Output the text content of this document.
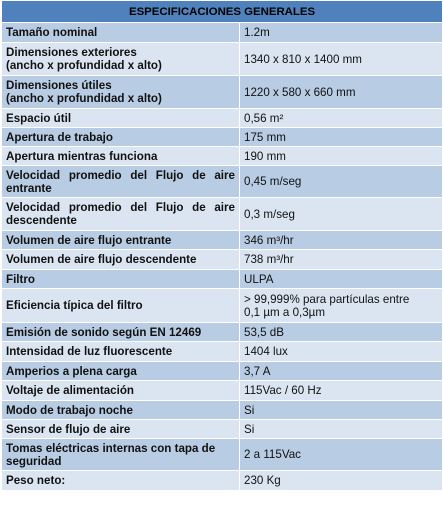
ESPECIFICACIONES GENERALES	

Tamaño nominal	1.2m

Dimensiones exteriores
(ancho x profundidad x alto)	1340 x 810 x 1400 mm

Dimensiones útiles
(ancho x profundidad x alto)	1220 x 580 x 660 mm

Espacio útil	0,56 m²

Apertura de trabajo	175 mm

Apertura mientras funciona	190 mm

Velocidad promedio del Flujo de aire
entrante	0,45 m/seg

Velocidad promedio del Flujo de aire
descendente	0,3 m/seg

Volumen de aire flujo entrante	346 m³/hr

Volumen de aire flujo descendente	738 m³/hr

Filtro	ULPA

Eficiencia típica del filtro	> 99,999% para partículas entre
0,1 µm a 0,3µm

Emisión de sonido según EN 12469	53,5 dB

Intensidad de luz fluorescente	1404 lux

Amperios a plena carga	3,7 A

Voltaje de alimentación	115Vac / 60 Hz

Modo de trabajo noche	Si

Sensor de flujo de aire	Si

Tomas eléctricas internas con tapa de
seguridad	2 a 115Vac

Peso neto:	230 Kg
